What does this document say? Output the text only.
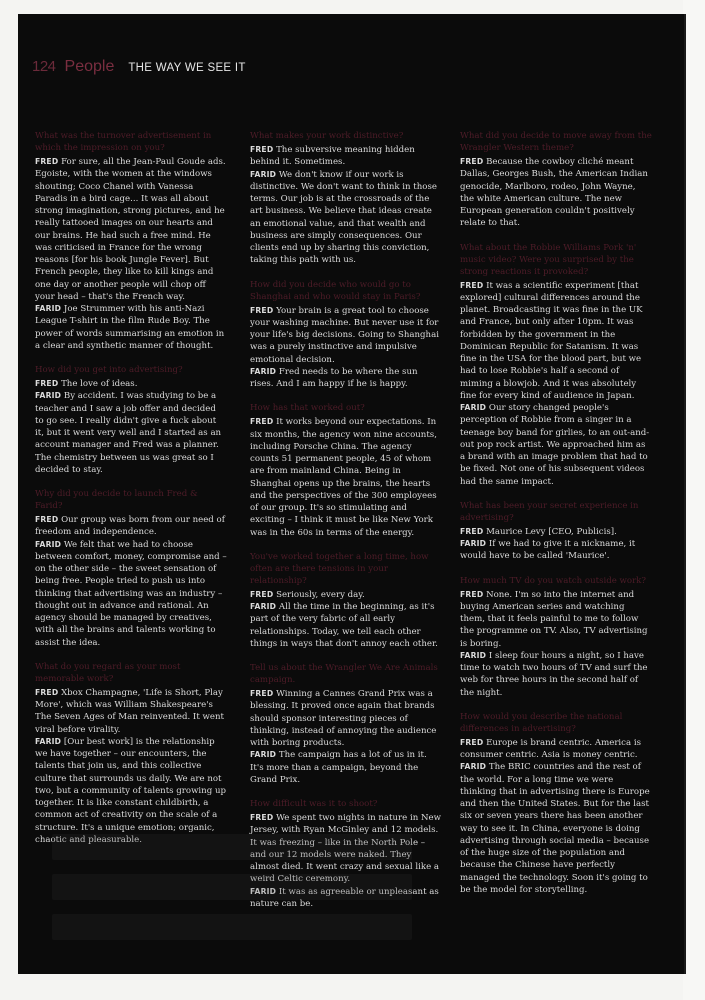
124 People THE WAY WE SEE IT

What was the turnover advertisement in which the impression on you?

FRED For sure, all the Jean-Paul Goude ads. Egoiste, with the women at the windows shouting; Coco Chanel with Vanessa Paradis in a bird cage... It was all about strong imagination, strong pictures, and he really tattooed images on our hearts and our brains. He had such a free mind. He was criticised in France for the wrong reasons [for his book Jungle Fever]. But French people, they like to kill kings and one day or another people will chop off your head – that's the French way.

FARID Joe Strummer with his anti-Nazi League T-shirt in the film Rude Boy. The power of words summarising an emotion in a clear and synthetic manner of thought.

How did you get into advertising?

FRED The love of ideas.

FARID By accident. I was studying to be a teacher and I saw a job offer and decided to go see. I really didn't give a fuck about it, but it went very well and I started as an account manager and Fred was a planner. The chemistry between us was great so I decided to stay.

Why did you decide to launch Fred & Farid?

FRED Our group was born from our need of freedom and independence.

FARID We felt that we had to choose between comfort, money, compromise and – on the other side – the sweet sensation of being free. People tried to push us into thinking that advertising was an industry – thought out in advance and rational. An agency should be managed by creatives, with all the brains and talents working to assist the idea.

What do you regard as your most memorable work?

FRED Xbox Champagne, 'Life is Short, Play More', which was William Shakespeare's The Seven Ages of Man reinvented. It went viral before virality.

FARID [Our best work] is the relationship we have together – our encounters, the talents that join us, and this collective culture that surrounds us daily. We are not two, but a community of talents growing up together. It is like constant childbirth, a common act of creativity on the scale of a structure. It's a unique emotion; organic, chaotic and pleasurable.

What makes your work distinctive?

FRED The subversive meaning hidden behind it. Sometimes.

FARID We don't know if our work is distinctive. We don't want to think in those terms. Our job is at the crossroads of the art business. We believe that ideas create an emotional value, and that wealth and business are simply consequences. Our clients end up by sharing this conviction, taking this path with us.

How did you decide who would go to Shanghai and who would stay in Paris?

FRED Your brain is a great tool to choose your washing machine. But never use it for your life's big decisions. Going to Shanghai was a purely instinctive and impulsive emotional decision.

FARID Fred needs to be where the sun rises. And I am happy if he is happy.

How has that worked out?

FRED It works beyond our expectations. In six months, the agency won nine accounts, including Porsche China. The agency counts 51 permanent people, 45 of whom are from mainland China. Being in Shanghai opens up the brains, the hearts and the perspectives of the 300 employees of our group. It's so stimulating and exciting – I think it must be like New York was in the 60s in terms of the energy.

You've worked together a long time, how often are there tensions in your relationship?

FRED Seriously, every day.

FARID All the time in the beginning, as it's part of the very fabric of all early relationships. Today, we tell each other things in ways that don't annoy each other.

Tell us about the Wrangler We Are Animals campaign.

FRED Winning a Cannes Grand Prix was a blessing. It proved once again that brands should sponsor interesting pieces of thinking, instead of annoying the audience with boring products.

FARID The campaign has a lot of us in it. It's more than a campaign, beyond the Grand Prix.

How difficult was it to shoot?

FRED We spent two nights in nature in New Jersey, with Ryan McGinley and 12 models. It was freezing – like in the North Pole – and our 12 models were naked. They almost died. It went crazy and sexual like a weird Celtic ceremony.

FARID It was as agreeable or unpleasant as nature can be.

What did you decide to move away from the Wrangler Western theme?

FRED Because the cowboy cliché meant Dallas, Georges Bush, the American Indian genocide, Marlboro, rodeo, John Wayne, the white American culture. The new European generation couldn't positively relate to that.

What about the Robbie Williams Pork 'n' music video? Were you surprised by the strong reactions it provoked?

FRED It was a scientific experiment [that explored] cultural differences around the planet. Broadcasting it was fine in the UK and France, but only after 10pm. It was forbidden by the government in the Dominican Republic for Satanism. It was fine in the USA for the blood part, but we had to lose Robbie's half a second of miming a blowjob. And it was absolutely fine for every kind of audience in Japan.

FARID Our story changed people's perception of Robbie from a singer in a teenage boy band for girlies, to an out-and-out pop rock artist. We approached him as a brand with an image problem that had to be fixed. Not one of his subsequent videos had the same impact.

What has been your secret experience in advertising?

FRED Maurice Levy [CEO, Publicis].

FARID If we had to give it a nickname, it would have to be called 'Maurice'.

How much TV do you watch outside work?

FRED None. I'm so into the internet and buying American series and watching them, that it feels painful to me to follow the programme on TV. Also, TV advertising is boring.

FARID I sleep four hours a night, so I have time to watch two hours of TV and surf the web for three hours in the second half of the night.

How would you describe the national differences in advertising?

FRED Europe is brand centric. America is consumer centric. Asia is money centric.

FARID The BRIC countries and the rest of the world. For a long time we were thinking that in advertising there is Europe and then the United States. But for the last six or seven years there has been another way to see it. In China, everyone is doing advertising through social media – because of the huge size of the population and because the Chinese have perfectly managed the technology. Soon it's going to be the model for storytelling.
